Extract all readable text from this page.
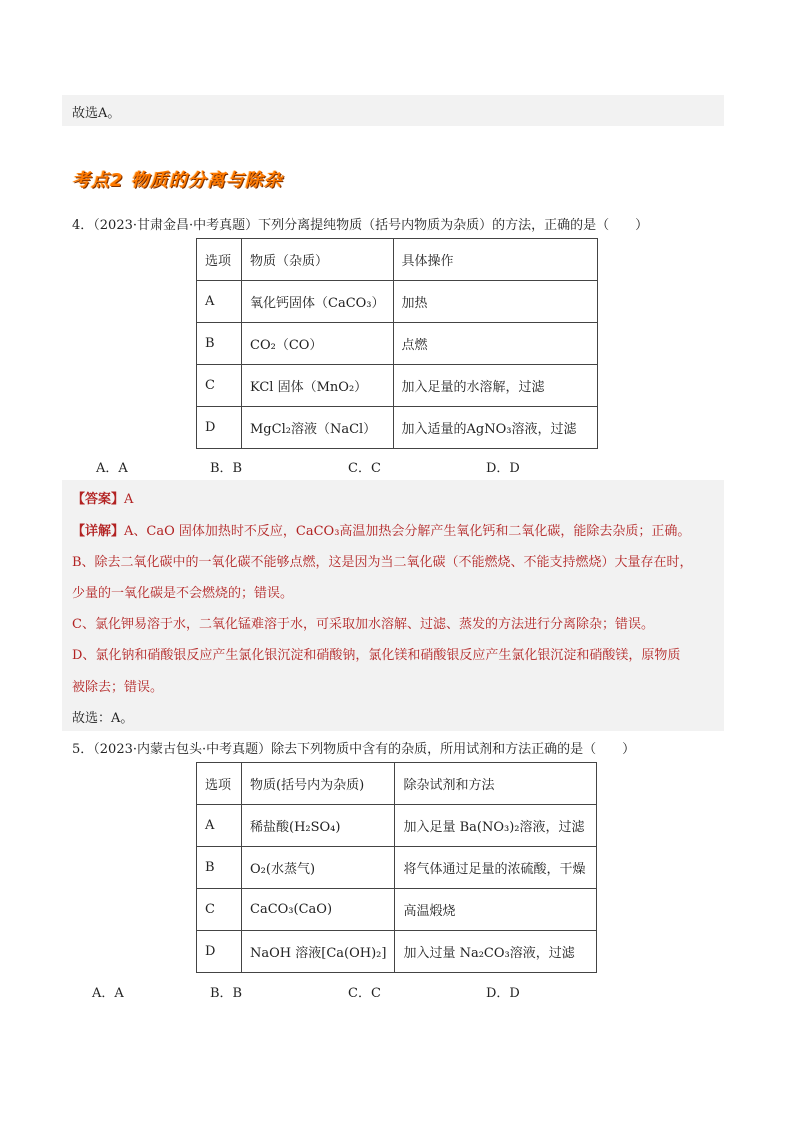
故选A。
考点2 物质的分离与除杂
4．（2023·甘肃金昌·中考真题）下列分离提纯物质（括号内物质为杂质）的方法，正确的是（　　）
选项	物质（杂质）	具体操作
A	氧化钙固体（CaCO₃）	加热
B	CO₂（CO）	点燃
C	KCl 固体（MnO₂）	加入足量的水溶解，过滤
D	MgCl₂溶液（NaCl）	加入适量的AgNO₃溶液，过滤
A．A	B．B	C．C	D．D
【答案】A
【详解】A、CaO 固体加热时不反应，CaCO₃高温加热会分解产生氧化钙和二氧化碳，能除去杂质；正确。
B、除去二氧化碳中的一氧化碳不能够点燃，这是因为当二氧化碳（不能燃烧、不能支持燃烧）大量存在时，
少量的一氧化碳是不会燃烧的；错误。
C、氯化钾易溶于水，二氧化锰难溶于水，可采取加水溶解、过滤、蒸发的方法进行分离除杂；错误。
D、氯化钠和硝酸银反应产生氯化银沉淀和硝酸钠，氯化镁和硝酸银反应产生氯化银沉淀和硝酸镁，原物质
被除去；错误。
故选：A。
5．（2023·内蒙古包头·中考真题）除去下列物质中含有的杂质，所用试剂和方法正确的是（　　）
选项	物质(括号内为杂质)	除杂试剂和方法
A	稀盐酸(H₂SO₄)	加入足量 Ba(NO₃)₂溶液，过滤
B	O₂(水蒸气)	将气体通过足量的浓硫酸，干燥
C	CaCO₃(CaO)	高温煅烧
D	NaOH 溶液[Ca(OH)₂]	加入过量 Na₂CO₃溶液，过滤
A．A	B．B	C．C	D．D
